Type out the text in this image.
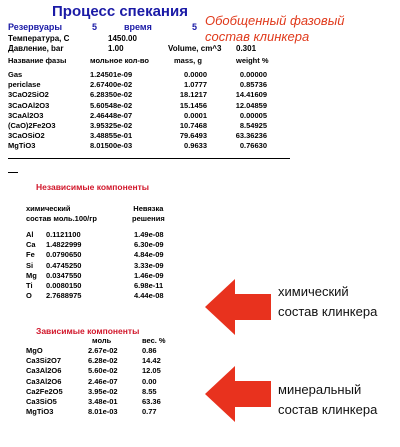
Процесс спекания
Резервуары	5	время	5
Температура, С	1450.00
Давление, bar	1.00	Volume, cm^3 0.301
Обобщенный фазовый
состав клинкера
Название фазы	мольное кол-во	mass, g	weight %
Gas	1.24501e-09	0.0000	0.00000
periclase	2.67400e-02	1.0777	0.85736
3CaO2SiO2	6.28350e-02	18.1217	14.41609
3CaOAl2O3	5.60548e-02	15.1456	12.04859
3CaAl2O3	2.46448e-07	0.0001	0.00005
(CaO)2Fe2O3	3.95325e-02	10.7468	8.54925
3CaOSiO2	3.48855e-01	79.6493	63.36236
MgTiO3	8.01500e-03	0.9633	0.76630
Независимые компоненты
химический
состав моль.100/гр
Невязка
решения
Al 0.1121100	1.49e-08
Ca 1.4822999	6.30e-09
Fe 0.0790650	4.84e-09
Si 0.4745250	3.33e-09
Mg 0.0347550	1.46e-09
Ti 0.0080150	6.98e-11
O 2.7688975	4.44e-08	химический
состав клинкера
Зависимые компоненты
моль	вес. %
MgO	2.67e-02	0.86
Ca3Si2O7	6.28e-02	14.42
Ca3Al2O6	5.60e-02	12.05
Ca3Al2O6	2.46e-07	0.00
Ca2Fe2O5	3.95e-02	8.55
Ca3SiO5	3.48e-01	63.36
MgTiO3	8.01e-03	0.77
минеральный
состав клинкера
